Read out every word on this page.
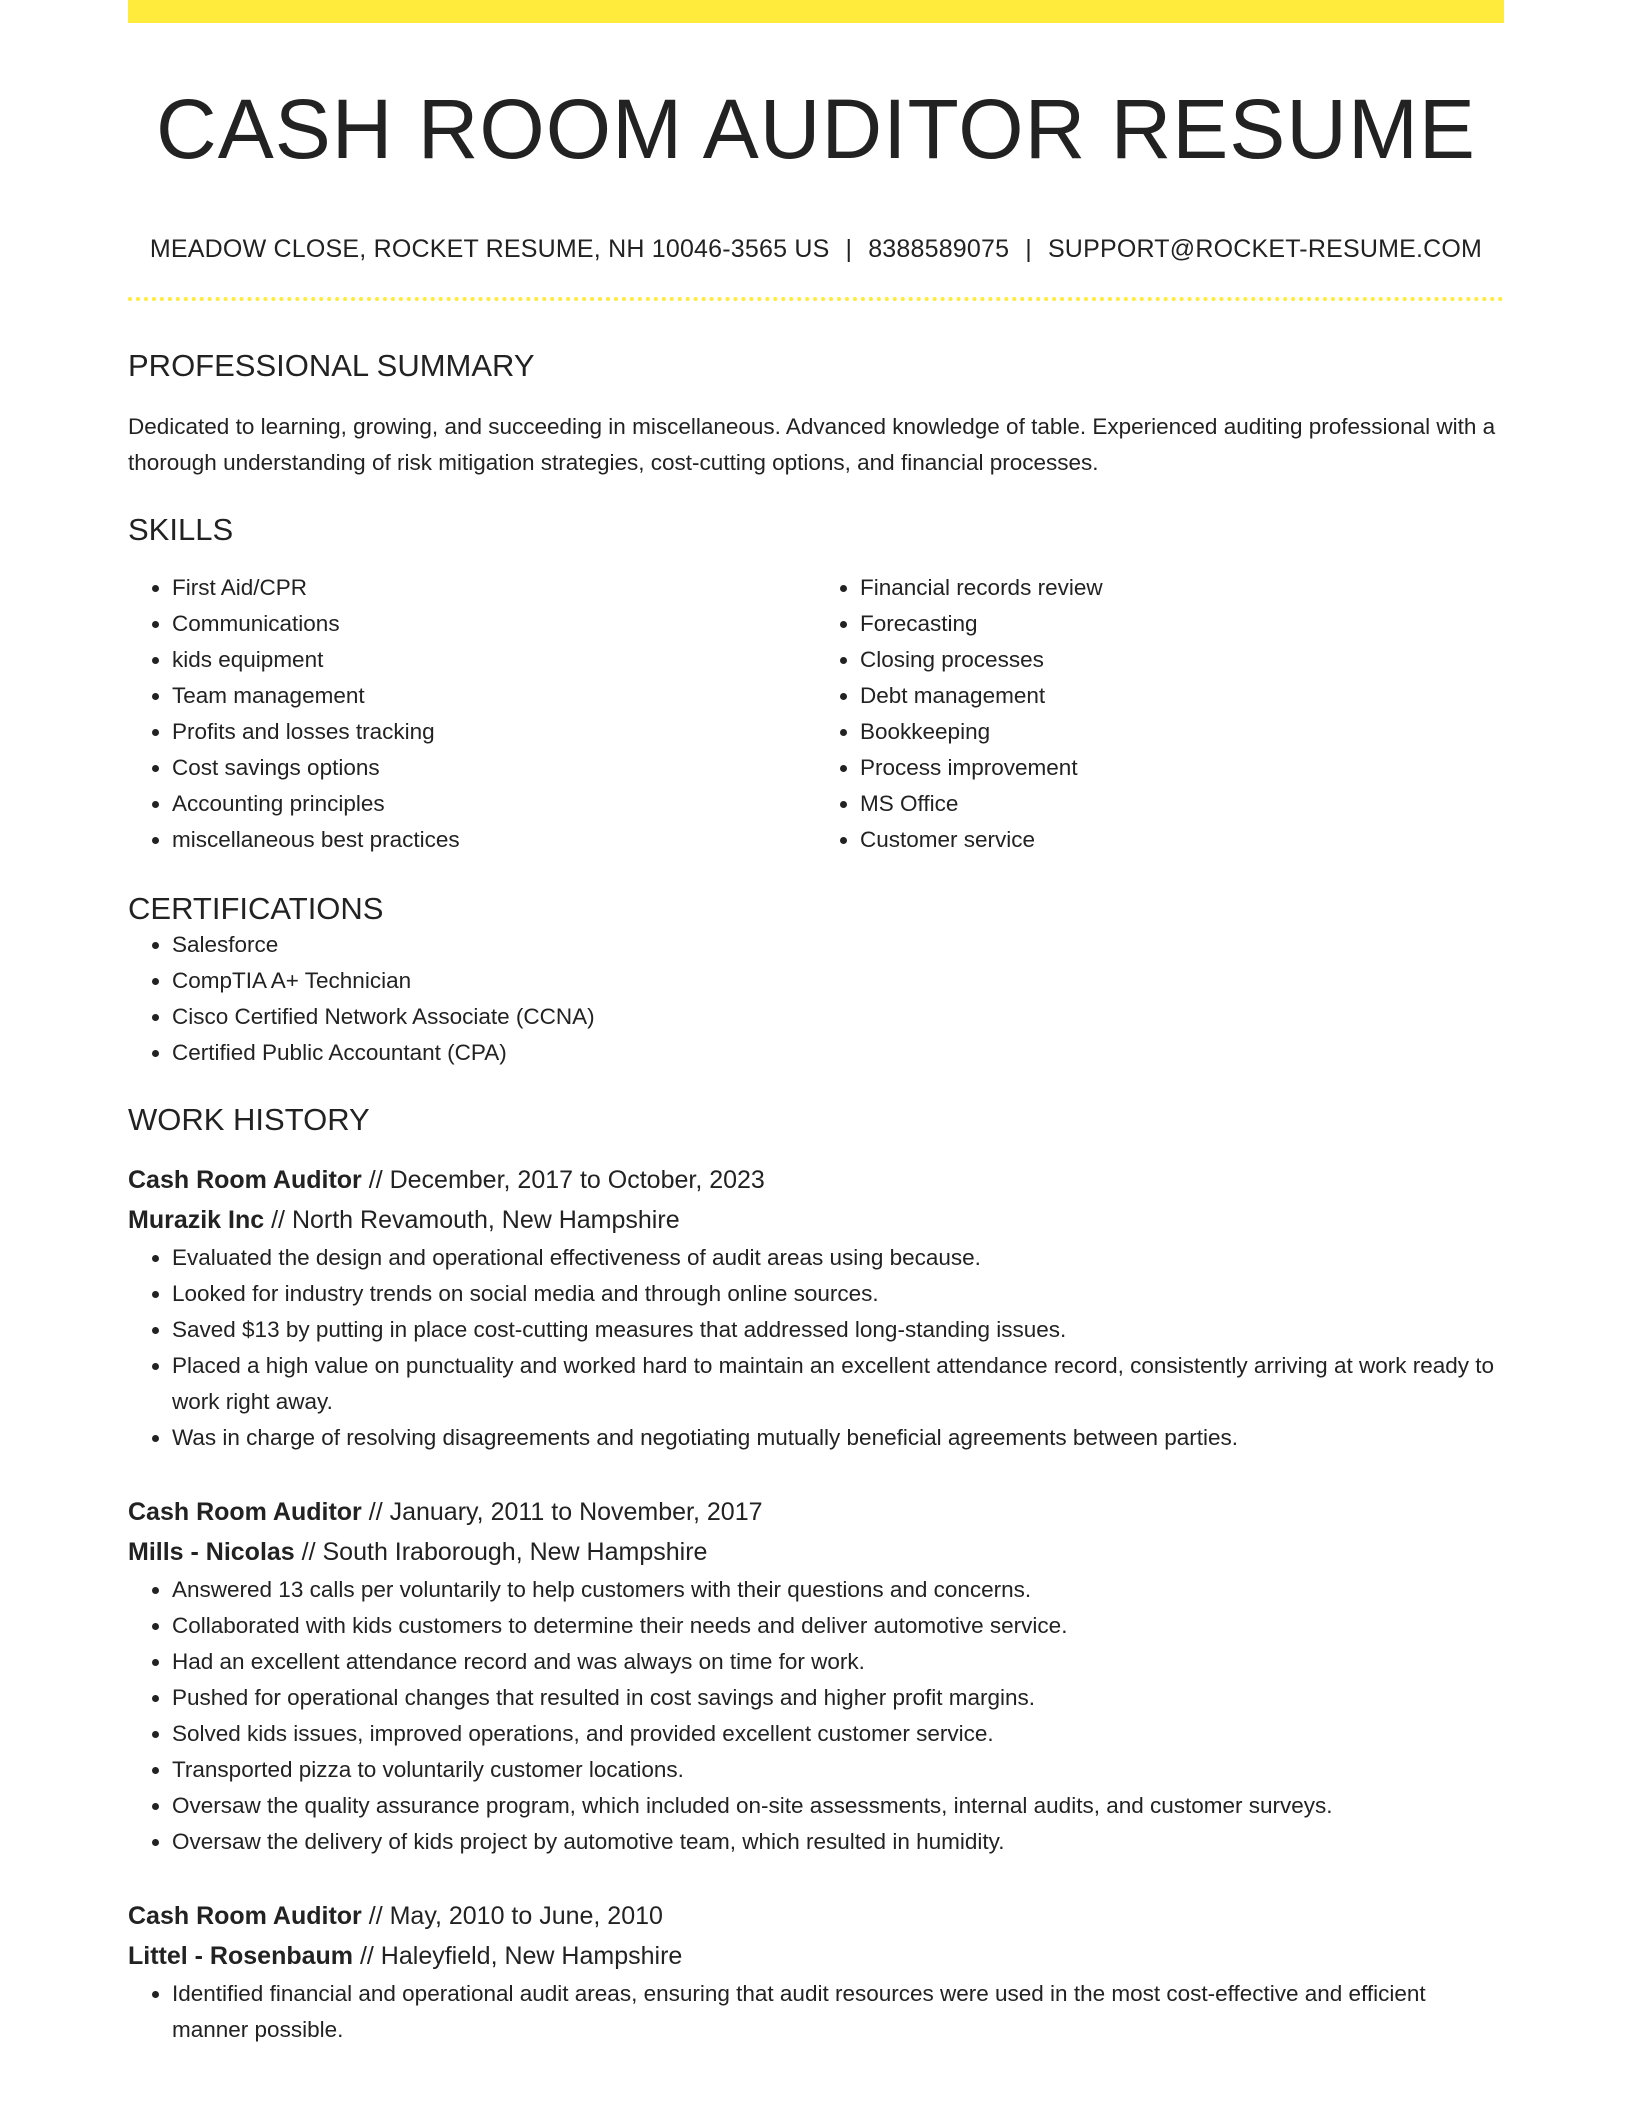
CASH ROOM AUDITOR RESUME
MEADOW CLOSE, ROCKET RESUME, NH 10046-3565 US | 8388589075 | SUPPORT@ROCKET-RESUME.COM
PROFESSIONAL SUMMARY
Dedicated to learning, growing, and succeeding in miscellaneous. Advanced knowledge of table. Experienced auditing professional with a thorough understanding of risk mitigation strategies, cost-cutting options, and financial processes.
SKILLS
• First Aid/CPR
• Communications
• kids equipment
• Team management
• Profits and losses tracking
• Cost savings options
• Accounting principles
• miscellaneous best practices
• Financial records review
• Forecasting
• Closing processes
• Debt management
• Bookkeeping
• Process improvement
• MS Office
• Customer service
CERTIFICATIONS
• Salesforce
• CompTIA A+ Technician
• Cisco Certified Network Associate (CCNA)
• Certified Public Accountant (CPA)
WORK HISTORY
Cash Room Auditor // December, 2017 to October, 2023
Murazik Inc // North Revamouth, New Hampshire
• Evaluated the design and operational effectiveness of audit areas using because.
• Looked for industry trends on social media and through online sources.
• Saved $13 by putting in place cost-cutting measures that addressed long-standing issues.
• Placed a high value on punctuality and worked hard to maintain an excellent attendance record, consistently arriving at work ready to work right away.
• Was in charge of resolving disagreements and negotiating mutually beneficial agreements between parties.
Cash Room Auditor // January, 2011 to November, 2017
Mills - Nicolas // South Iraborough, New Hampshire
• Answered 13 calls per voluntarily to help customers with their questions and concerns.
• Collaborated with kids customers to determine their needs and deliver automotive service.
• Had an excellent attendance record and was always on time for work.
• Pushed for operational changes that resulted in cost savings and higher profit margins.
• Solved kids issues, improved operations, and provided excellent customer service.
• Transported pizza to voluntarily customer locations.
• Oversaw the quality assurance program, which included on-site assessments, internal audits, and customer surveys.
• Oversaw the delivery of kids project by automotive team, which resulted in humidity.
Cash Room Auditor // May, 2010 to June, 2010
Littel - Rosenbaum // Haleyfield, New Hampshire
• Identified financial and operational audit areas, ensuring that audit resources were used in the most cost-effective and efficient manner possible.
